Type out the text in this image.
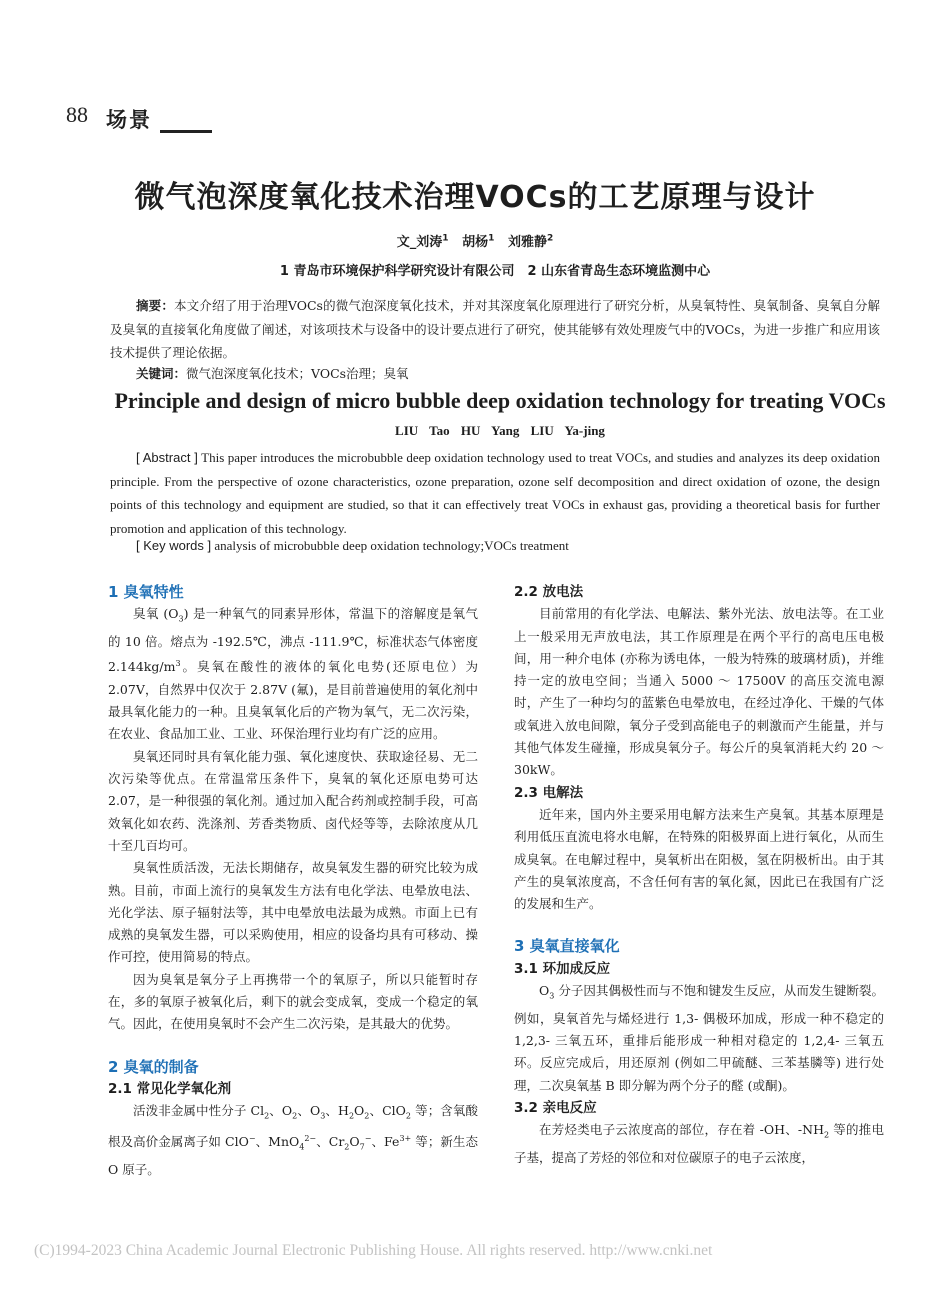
88 场景
微气泡深度氧化技术治理VOCs的工艺原理与设计
文_刘涛$^1$ 胡杨$^1$ 刘雅静$^2$
1 青岛市环境保护科学研究设计有限公司　2 山东省青岛生态环境监测中心
摘要：本文介绍了用于治理VOCs的微气泡深度氧化技术，并对其深度氧化原理进行了研究分析，从臭氧特性、臭氧制备、臭氧自分解及臭氧的直接氧化角度做了阐述，对该项技术与设备中的设计要点进行了研究，使其能够有效处理废气中的VOCs，为进一步推广和应用该技术提供了理论依据。
关键词：微气泡深度氧化技术；VOCs治理；臭氧
Principle and design of micro bubble deep oxidation technology for treating VOCs
LIU Tao HU Yang LIU Ya-jing
[ Abstract ] This paper introduces the microbubble deep oxidation technology used to treat VOCs, and studies and analyzes its deep oxidation principle. From the perspective of ozone characteristics, ozone preparation, ozone self decomposition and direct oxidation of ozone, the design points of this technology and equipment are studied, so that it can effectively treat VOCs in exhaust gas, providing a theoretical basis for further promotion and application of this technology.
[ Key words ] analysis of microbubble deep oxidation technology;VOCs treatment
1 臭氧特性

臭氧 $(O_3)$ 是一种氧气的同素异形体，常温下的溶解度是氧气的 10 倍。熔点为 -192.5℃，沸点 -111.9℃，标准状态气体密度 $2.144kg/m^3$。臭氧在酸性的液体的氧化电势(还原电位）为 2.07V，自然界中仅次于 2.87V (氟)，是目前普遍使用的氧化剂中最具氧化能力的一种。且臭氧氧化后的产物为氧气，无二次污染，在农业、食品加工业、工业、环保治理行业均有广泛的应用。

臭氧还同时具有氧化能力强、氧化速度快、获取途径易、无二次污染等优点。在常温常压条件下，臭氧的氧化还原电势可达 2.07，是一种很强的氧化剂。通过加入配合药剂或控制手段，可高效氧化如农药、洗涤剂、芳香类物质、卤代烃等等，去除浓度从几十至几百均可。

臭氧性质活泼，无法长期储存，故臭氧发生器的研究比较为成熟。目前，市面上流行的臭氧发生方法有电化学法、电晕放电法、光化学法、原子辐射法等，其中电晕放电法最为成熟。市面上已有成熟的臭氧发生器，可以采购使用，相应的设备均具有可移动、操作可控，使用简易的特点。

因为臭氧是氧分子上再携带一个的氧原子，所以只能暂时存在，多的氧原子被氧化后，剩下的就会变成氧，变成一个稳定的氧气。因此，在使用臭氧时不会产生二次污染，是其最大的优势。

2 臭氧的制备
2.1 常见化学氧化剂

活泼非金属中性分子 $Cl_2$、$O_2$、$O_3$、$H_2O_2$、ClO$_2$ 等；含氧酸根及高价金属离子如 ClO−、MnO$_4^{2-}$、$Cr_2O_7^-$、$Fe^{3+}$ 等；新生态 O 原子。

2.2 放电法

目前常用的有化学法、电解法、紫外光法、放电法等。在工业上一般采用无声放电法，其工作原理是在两个平行的高电压电极间，用一种介电体 (亦称为诱电体，一般为特殊的玻璃材质)，并维持一定的放电空间；当通入 5000 ～ 17500V 的高压交流电源时，产生了一种均匀的蓝紫色电晕放电，在经过净化、干燥的气体或氧进入放电间隙，氧分子受到高能电子的刺激而产生能量，并与其他气体发生碰撞，形成臭氧分子。每公斤的臭氧消耗大约 20 ～ 30kW。

2.3 电解法

近年来，国内外主要采用电解方法来生产臭氧。其基本原理是利用低压直流电将水电解，在特殊的阳极界面上进行氧化，从而生成臭氧。在电解过程中，臭氧析出在阳极，氢在阴极析出。由于其产生的臭氧浓度高，不含任何有害的氧化氮，因此已在我国有广泛的发展和生产。

3 臭氧直接氧化
3.1 环加成反应

$O_3$ 分子因其偶极性而与不饱和键发生反应，从而发生键断裂。例如，臭氧首先与烯烃进行 1,3- 偶极环加成，形成一种不稳定的 1,2,3- 三氧五环，重排后能形成一种相对稳定的 1,2,4- 三氧五环。反应完成后，用还原剂 (例如二甲硫醚、三苯基膦等) 进行处理，二次臭氧基 B 即分解为两个分子的醛 (或酮)。

3.2 亲电反应

在芳烃类电子云浓度高的部位，存在着 -OH、$-NH_2$ 等的推电子基，提高了芳烃的邻位和对位碳原子的电子云浓度，

(C)1994-2023 China Academic Journal Electronic Publishing House. All rights reserved. http://www.cnki.net
